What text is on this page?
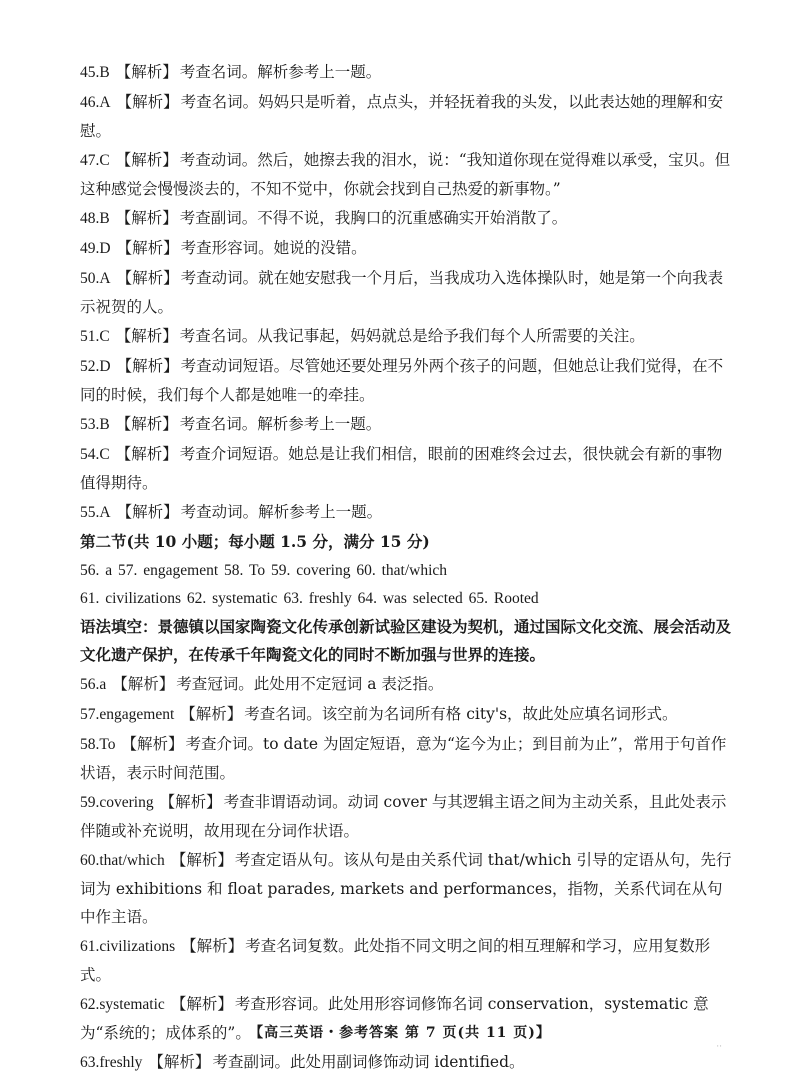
45.B 【解析】 考查名词。解析参考上一题。
46.A 【解析】 考查名词。妈妈只是听着，点点头，并轻抚着我的头发，以此表达她的理解和安慰。
47.C 【解析】 考查动词。然后，她擦去我的泪水，说：“我知道你现在觉得难以承受，宝贝。但这种感觉会慢慢淡去的，不知不觉中，你就会找到自己热爱的新事物。”
48.B 【解析】 考查副词。不得不说，我胸口的沉重感确实开始消散了。
49.D 【解析】 考查形容词。她说的没错。
50.A 【解析】 考查动词。就在她安慰我一个月后，当我成功入选体操队时，她是第一个向我表示祝贺的人。
51.C 【解析】 考查名词。从我记事起，妈妈就总是给予我们每个人所需要的关注。
52.D 【解析】 考查动词短语。尽管她还要处理另外两个孩子的问题，但她总让我们觉得，在不同的时候，我们每个人都是她唯一的牵挂。
53.B 【解析】 考查名词。解析参考上一题。
54.C 【解析】 考查介词短语。她总是让我们相信，眼前的困难终会过去，很快就会有新的事物值得期待。
55.A 【解析】 考查动词。解析参考上一题。
第二节(共 10 小题；每小题 1.5 分，满分 15 分)
56. a 57. engagement 58. To 59. covering 60. that/which
61. civilizations 62. systematic 63. freshly 64. was selected 65. Rooted
语法填空：景德镇以国家陶瓷文化传承创新试验区建设为契机，通过国际文化交流、展会活动及文化遗产保护，在传承千年陶瓷文化的同时不断加强与世界的连接。
56.a 【解析】 考查冠词。此处用不定冠词 a 表泛指。
57.engagement 【解析】 考查名词。该空前为名词所有格 city's，故此处应填名词形式。
58.To 【解析】 考查介词。to date 为固定短语，意为“迄今为止；到目前为止”，常用于句首作状语，表示时间范围。
59.covering 【解析】 考查非谓语动词。动词 cover 与其逻辑主语之间为主动关系，且此处表示伴随或补充说明，故用现在分词作状语。
60.that/which 【解析】 考查定语从句。该从句是由关系代词 that/which 引导的定语从句，先行词为 exhibitions 和 float parades, markets and performances，指物，关系代词在从句中作主语。
61.civilizations 【解析】 考查名词复数。此处指不同文明之间的相互理解和学习，应用复数形式。
62.systematic 【解析】 考查形容词。此处用形容词修饰名词 conservation，systematic 意为“系统的；成体系的”。
63.freshly 【解析】 考查副词。此处用副词修饰动词 identified。
【高三英语・参考答案 第 7 页(共 11 页)】
··
